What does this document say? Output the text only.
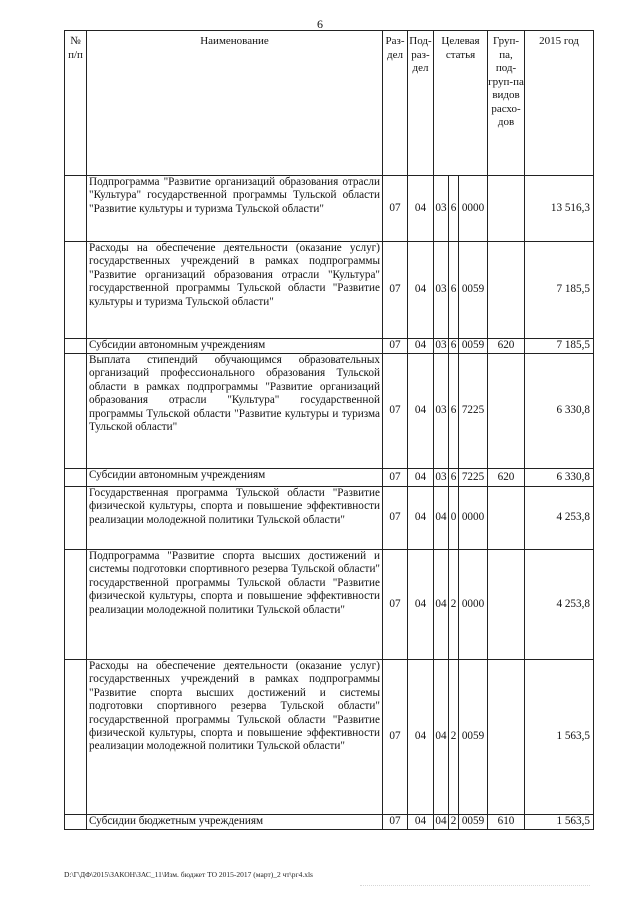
6
№ п/п	Наименование	Раз-дел	Под-раз-дел	Целевая статья			Груп-па, под-груп-па видов расхо-дов	2015 год
	Подпрограмма "Развитие организаций образования отрасли "Культура" государственной программы Тульской области "Развитие культуры и туризма Тульской области"	07	04	03	6	0000		13 516,3
	Расходы на обеспечение деятельности (оказание услуг) государственных учреждений в рамках подпрограммы "Развитие организаций образования отрасли "Культура" государственной программы Тульской области "Развитие культуры и туризма Тульской области"	07	04	03	6	0059		7 185,5
	Субсидии автономным учреждениям	07	04	03	6	0059	620	7 185,5
	Выплата стипендий обучающимся образовательных организаций профессионального образования Тульской области в рамках подпрограммы "Развитие организаций образования отрасли "Культура" государственной программы Тульской области "Развитие культуры и туризма Тульской области"	07	04	03	6	7225		6 330,8
	Субсидии автономным учреждениям	07	04	03	6	7225	620	6 330,8
	Государственная программа Тульской области "Развитие физической культуры, спорта и повышение эффективности реализации молодежной политики Тульской области"	07	04	04	0	0000		4 253,8
	Подпрограмма "Развитие спорта высших достижений и системы подготовки спортивного резерва Тульской области" государственной программы Тульской области "Развитие физической культуры, спорта и повышение эффективности реализации молодежной политики Тульской области"	07	04	04	2	0000		4 253,8
	Расходы на обеспечение деятельности (оказание услуг) государственных учреждений в рамках подпрограммы "Развитие спорта высших достижений и системы подготовки спортивного резерва Тульской области" государственной программы Тульской области "Развитие физической культуры, спорта и повышение эффективности реализации молодежной политики Тульской области"	07	04	04	2	0059		1 563,5
	Субсидии бюджетным учреждениям	07	04	04	2	0059	610	1 563,5
D:\Г\ДФ\2015\ЗАКОН\ЗАС_11\Изм. бюджет ТО 2015-2017 (март)_2 чт\рг4.xls
